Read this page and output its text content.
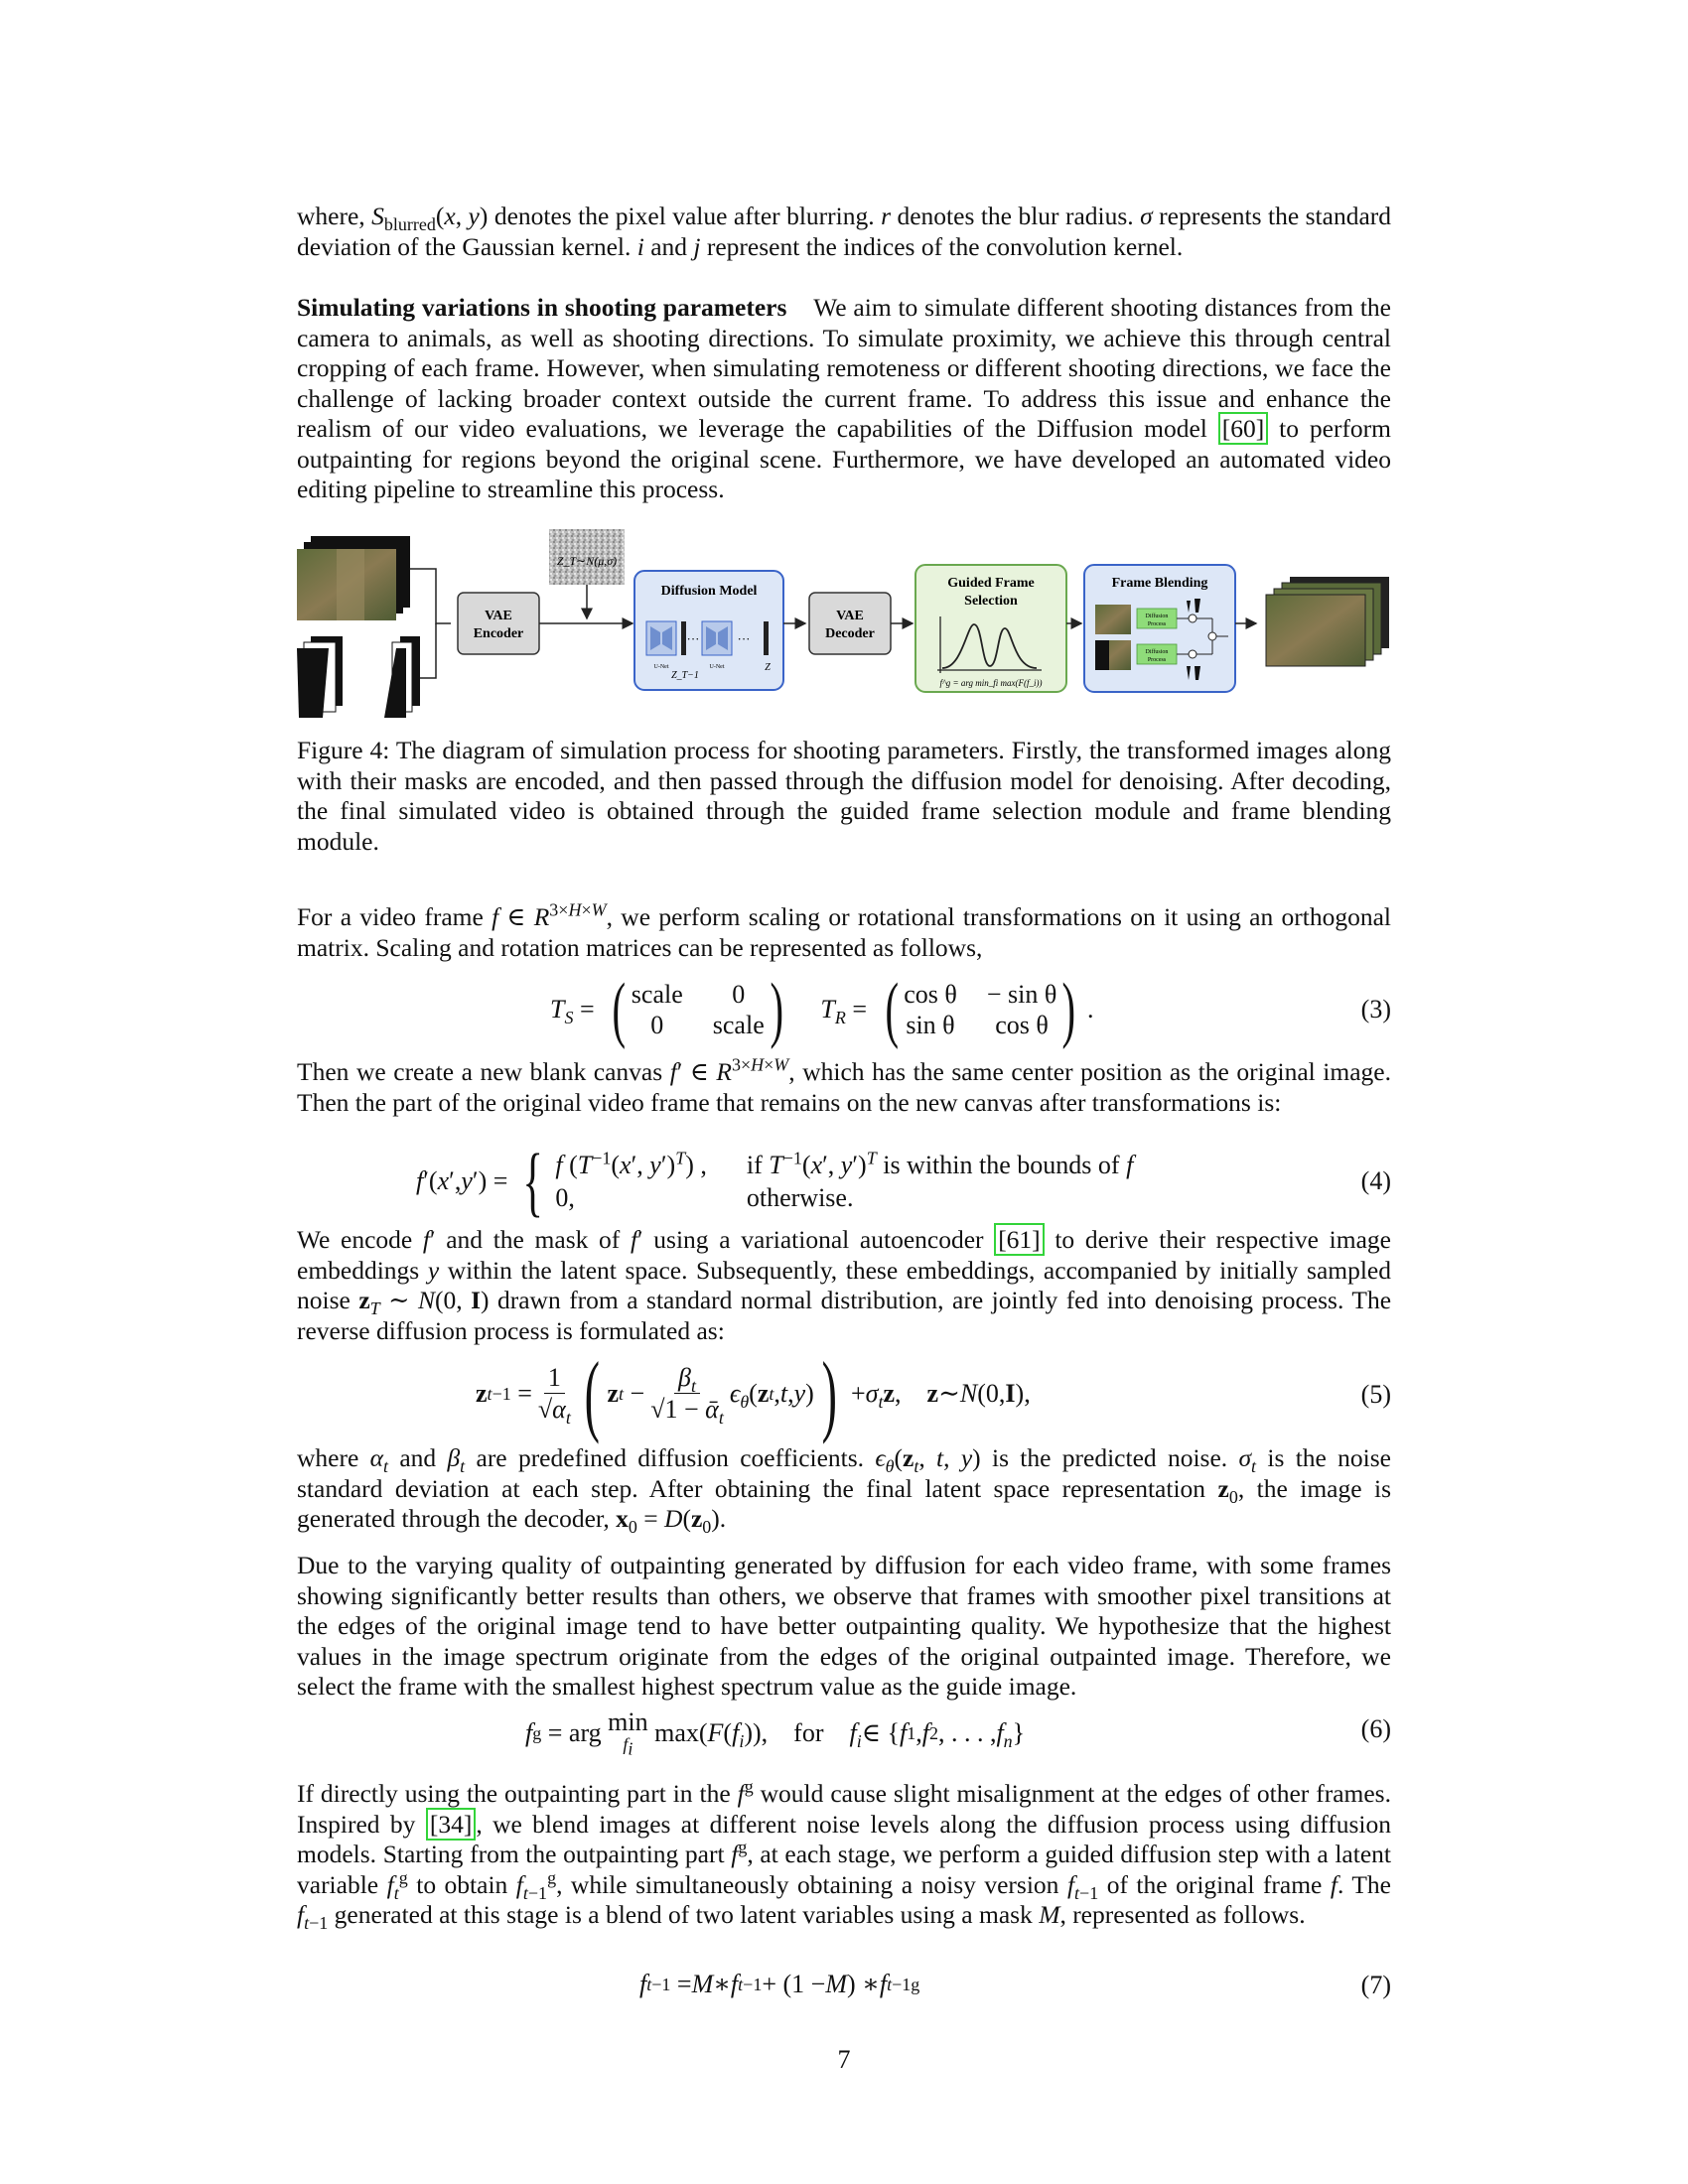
where, $S_{blurred}(x$, y) denotes the pixel value after blurring. r denotes the blur radius. σ represents the standard deviation of the Gaussian kernel. i and j represent the indices of the convolution kernel.

Simulating variations in shooting parameters We aim to simulate different shooting distances from the camera to animals, as well as shooting directions. To simulate proximity, we achieve this through central cropping of each frame. However, when simulating remoteness or different shooting directions, we face the challenge of lacking broader context outside the current frame. To address this issue and enhance the realism of our video evaluations, we leverage the capabilities of the Diffusion model [60] to perform outpainting for regions beyond the original scene. Furthermore, we have developed an automated video editing pipeline to streamline this process.

VAE
Encoder
Z_T∼N(μ,σ)
Diffusion Model
U-Net
···
U-Net
···
Z_T−1
Z
VAE
Decoder
Guided Frame
Selection
f^g = arg min_fi max(F(f_i))
Frame Blending
Diffusion
Process
Diffusion
Process

Figure 4: The diagram of simulation process for shooting parameters. Firstly, the transformed images along with their masks are encoded, and then passed through the diffusion model for denoising. After decoding, the final simulated video is obtained through the guided frame selection module and frame blending module.

For a video frame f ∈ $R^{3\times H\times W}$, we perform scaling or rotational transformations on it using an orthogonal matrix. Scaling and rotation matrices can be represented as follows,

$T_S$ = ( scale	0
0	scale )
$T_R$ = ( cos θ − sin θ
sin θ	cos θ ) .	(3)

Then we create a new blank canvas f′ ∈ $R^{3\times H\times W}$, which has the same center position as the original image. Then the part of the original video frame that remains on the new canvas after transformations is:

f ′( x ′, y ′) = { f ($T^{-1}(x'$, y′)$^T$) , if $T^{-1}(x'$, y′)$^T$ is within the bounds of f
0,	otherwise.
(4)

We encode f′ and the mask of f′ using a variational autoencoder [61] to derive their respective image embeddings y within the latent space. Subsequently, these embeddings, accompanied by initially sampled noise $z_T$ ∼ N(0, I) drawn from a standard normal distribution, are jointly fed into denoising process. The reverse diffusion process is formulated as:

z $t-1 = \frac{1}{√\alpha_t}$ ( z $t - \frac{\beta_t}{√1 - ᾱ_t} \epsilon_\theta$ ( z t , t , y ) ) + $\sigma_t$ z , z ∼ N (0, I ),	(5)

where $\alpha_t$ and $\beta_t$ are predefined diffusion coefficients. $\epsilon_\theta(z_t$, t, y) is the predicted noise. $\sigma_t$ is the noise standard deviation at each step. After obtaining the final latent space representation $z_0$, the image is generated through the decoder, $x_0 = D(z_0)$.

Due to the varying quality of outpainting generated by diffusion for each video frame, with some frames showing significantly better results than others, we observe that frames with smoother pixel transitions at the edges of the original image tend to have better outpainting quality. We hypothesize that the highest values in the image spectrum originate from the edges of the original outpainted image. Therefore, we select the frame with the smallest highest spectrum value as the guide image.

f g = arg min
$f_i$
max( F ( $f_i$ )), for
$f_i$ ∈ { f 1 , f 2 , . . . , $f_n$ }	(6)

If directly using the outpainting part in the $f^g$ would cause slight misalignment at the edges of other frames. Inspired by [34] , we blend images at different noise levels along the diffusion process using diffusion models. Starting from the outpainting part $f^g$, at each stage, we perform a guided diffusion step with a latent variable $f_t^g$ to obtain $f_{t-1}^g$, while simultaneously obtaining a noisy version $f_{t-1}$ of the original frame f. The $f_{t-1}$ generated at this stage is a blend of two latent variables using a mask M, represented as follows.

f t−1 = M ∗ f t−1 + (1 − M ) ∗ f t−1 g	(7)
7
